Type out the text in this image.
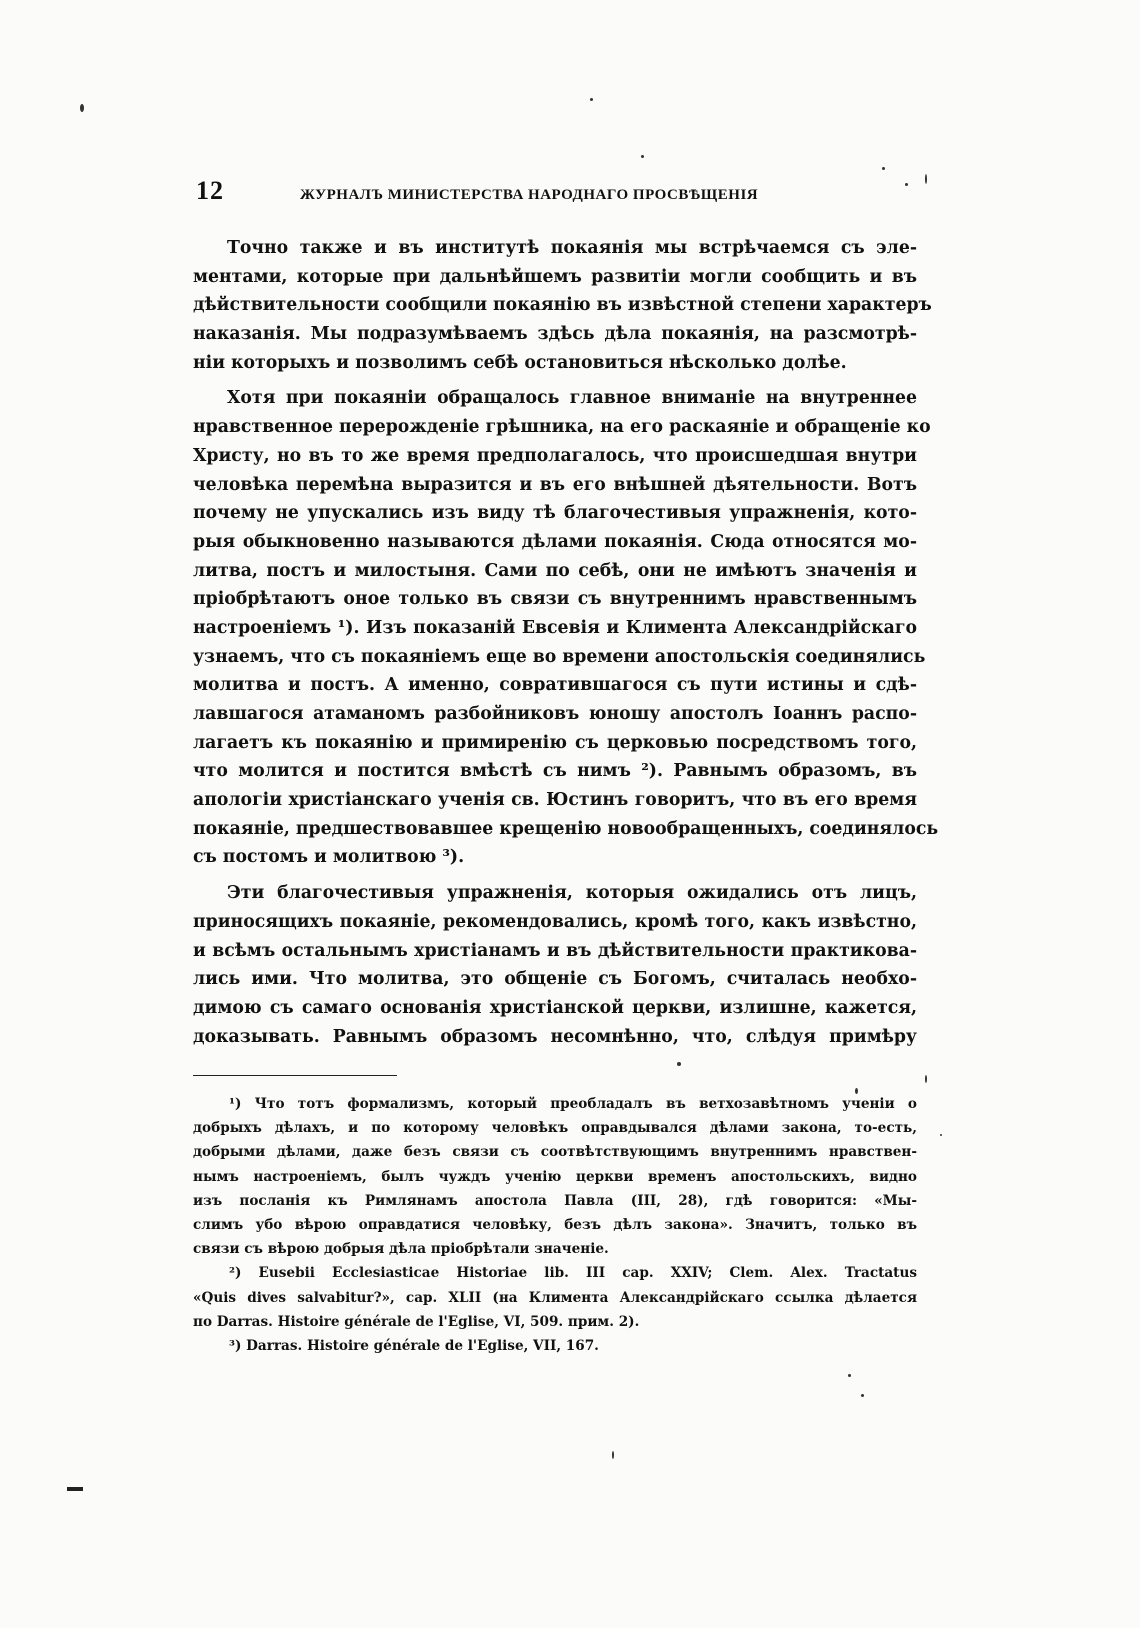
12	ЖУРНАЛЪ МИНИСТЕРСТВА НАРОДНАГО ПРОСВѢЩЕНІЯ
Точно также и въ институтѣ покаянія мы встрѣчаемся съ эле-
ментами, которые при дальнѣйшемъ развитіи могли сообщить и въ
дѣйствительности сообщили покаянію въ извѣстной степени характеръ
наказанія. Мы подразумѣваемъ здѣсь дѣла покаянія, на разсмотрѣ-
ніи которыхъ и позволимъ себѣ остановиться нѣсколько долѣе.
Хотя при покаяніи обращалось главное вниманіе на внутреннее
нравственное перерожденіе грѣшника, на его раскаяніе и обращеніе ко
Христу, но въ то же время предполагалось, что происшедшая внутри
человѣка перемѣна выразится и въ его внѣшней дѣятельности. Вотъ
почему не упускались изъ виду тѣ благочестивыя упражненія, кото-
рыя обыкновенно называются дѣлами покаянія. Сюда относятся мо-
литва, постъ и милостыня. Сами по себѣ, они не имѣютъ значенія и
пріобрѣтаютъ оное только въ связи съ внутреннимъ нравственнымъ
настроеніемъ ¹). Изъ показаній Евсевія и Климента Александрійскаго
узнаемъ, что съ покаяніемъ еще во времени апостольскія соединялись
молитва и постъ. А именно, совратившагося съ пути истины и сдѣ-
лавшагося атаманомъ разбойниковъ юношу апостолъ Іоаннъ распо-
лагаетъ къ покаянію и примиренію съ церковью посредствомъ того,
что молится и постится вмѣстѣ съ нимъ ²). Равнымъ образомъ, въ
апологіи христіанскаго ученія св. Юстинъ говоритъ, что въ его время
покаяніе, предшествовавшее крещенію новообращенныхъ, соединялось
съ постомъ и молитвою ³).
Эти благочестивыя упражненія, которыя ожидались отъ лицъ,
приносящихъ покаяніе, рекомендовались, кромѣ того, какъ извѣстно,
и всѣмъ остальнымъ христіанамъ и въ дѣйствительности практикова-
лись ими. Что молитва, это общеніе съ Богомъ, считалась необхо-
димою съ самаго основанія христіанской церкви, излишне, кажется,
доказывать. Равнымъ образомъ несомнѣнно, что, слѣдуя примѣру
¹) Что тотъ формализмъ, который преобладалъ въ ветхозавѣтномъ ученіи о
добрыхъ дѣлахъ, и по которому человѣкъ оправдывался дѣлами закона, то-есть,
добрыми дѣлами, даже безъ связи съ соотвѣтствующимъ внутреннимъ нравствен-
нымъ настроеніемъ, былъ чуждъ ученію церкви временъ апостольскихъ, видно
изъ посланія къ Римлянамъ апостола Павла (III, 28), гдѣ говорится: «Мы-
слимъ убо вѣрою оправдатися человѣку, безъ дѣлъ закона». Значитъ, только въ
связи съ вѣрою добрыя дѣла пріобрѣтали значеніе.
²) Eusebii Ecclesiasticae Historiae lib. III cap. XXIV; Clem. Alex. Tractatus
«Quis dives salvabitur?», cap. XLII (на Климента Александрійскаго ссылка дѣлается
по Darras. Histoire générale de l'Eglise, VI, 509. прим. 2).
³) Darras. Histoire générale de l'Eglise, VII, 167.
